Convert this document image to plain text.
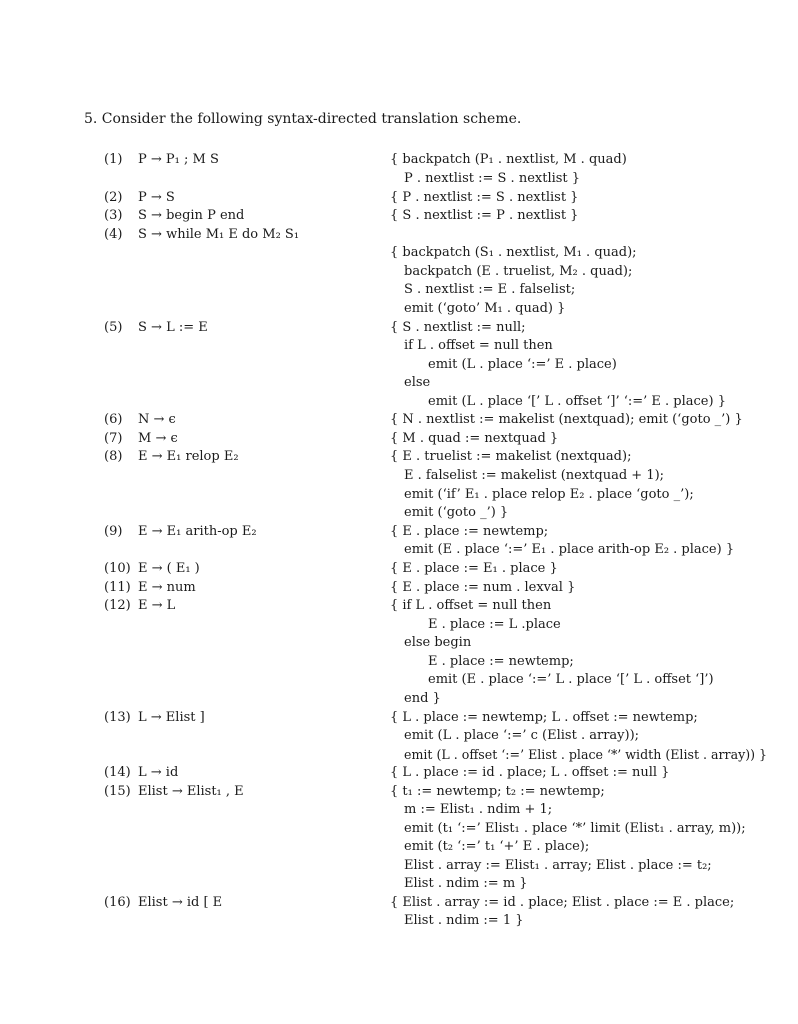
5. Consider the following syntax-directed translation scheme.
(1) P → P₁ ; M S
(2) P → S
(3) S → begin P end
(4) S → while M₁ E do M₂ S₁
(5) S → L := E
(6) N → ϵ
(7) M → ϵ
(8) E → E₁ relop E₂
(9) E → E₁ arith-op E₂
(10) E → ( E₁ )
(11) E → num
(12) E → L
(13) L → Elist ]
(14) L → id
(15) Elist → Elist₁ , E
(16) Elist → id [ E
{ backpatch (P₁ . nextlist, M . quad)
P . nextlist := S . nextlist }
{ P . nextlist := S . nextlist }
{ S . nextlist := P . nextlist }
{ backpatch (S₁ . nextlist, M₁ . quad);
backpatch (E . truelist, M₂ . quad);
S . nextlist := E . falselist;
emit (‘goto’ M₁ . quad) }
{ S . nextlist := null;
if L . offset = null then
emit (L . place ‘:=’ E . place)
else
emit (L . place ‘[’ L . offset ‘]’ ‘:=’ E . place) }
{ N . nextlist := makelist (nextquad); emit (‘goto _’) }
{ M . quad := nextquad }
{ E . truelist := makelist (nextquad);
E . falselist := makelist (nextquad + 1);
emit (‘if’ E₁ . place relop E₂ . place ‘goto _’);
emit (‘goto _’) }
{ E . place := newtemp;
emit (E . place ‘:=’ E₁ . place arith-op E₂ . place) }
{ E . place := E₁ . place }
{ E . place := num . lexval }
{ if L . offset = null then
E . place := L .place
else begin
E . place := newtemp;
emit (E . place ‘:=’ L . place ‘[’ L . offset ‘]’)
end }
{ L . place := newtemp; L . offset := newtemp;
emit (L . place ‘:=’ c (Elist . array));
emit (L . offset ‘:=’ Elist . place ‘*’ width (Elist . array)) }
{ L . place := id . place; L . offset := null }
{ t₁ := newtemp; t₂ := newtemp;
m := Elist₁ . ndim + 1;
emit (t₁ ‘:=’ Elist₁ . place ‘*’ limit (Elist₁ . array, m));
emit (t₂ ‘:=’ t₁ ‘+’ E . place);
Elist . array := Elist₁ . array; Elist . place := t₂;
Elist . ndim := m }
{ Elist . array := id . place; Elist . place := E . place;
Elist . ndim := 1 }
